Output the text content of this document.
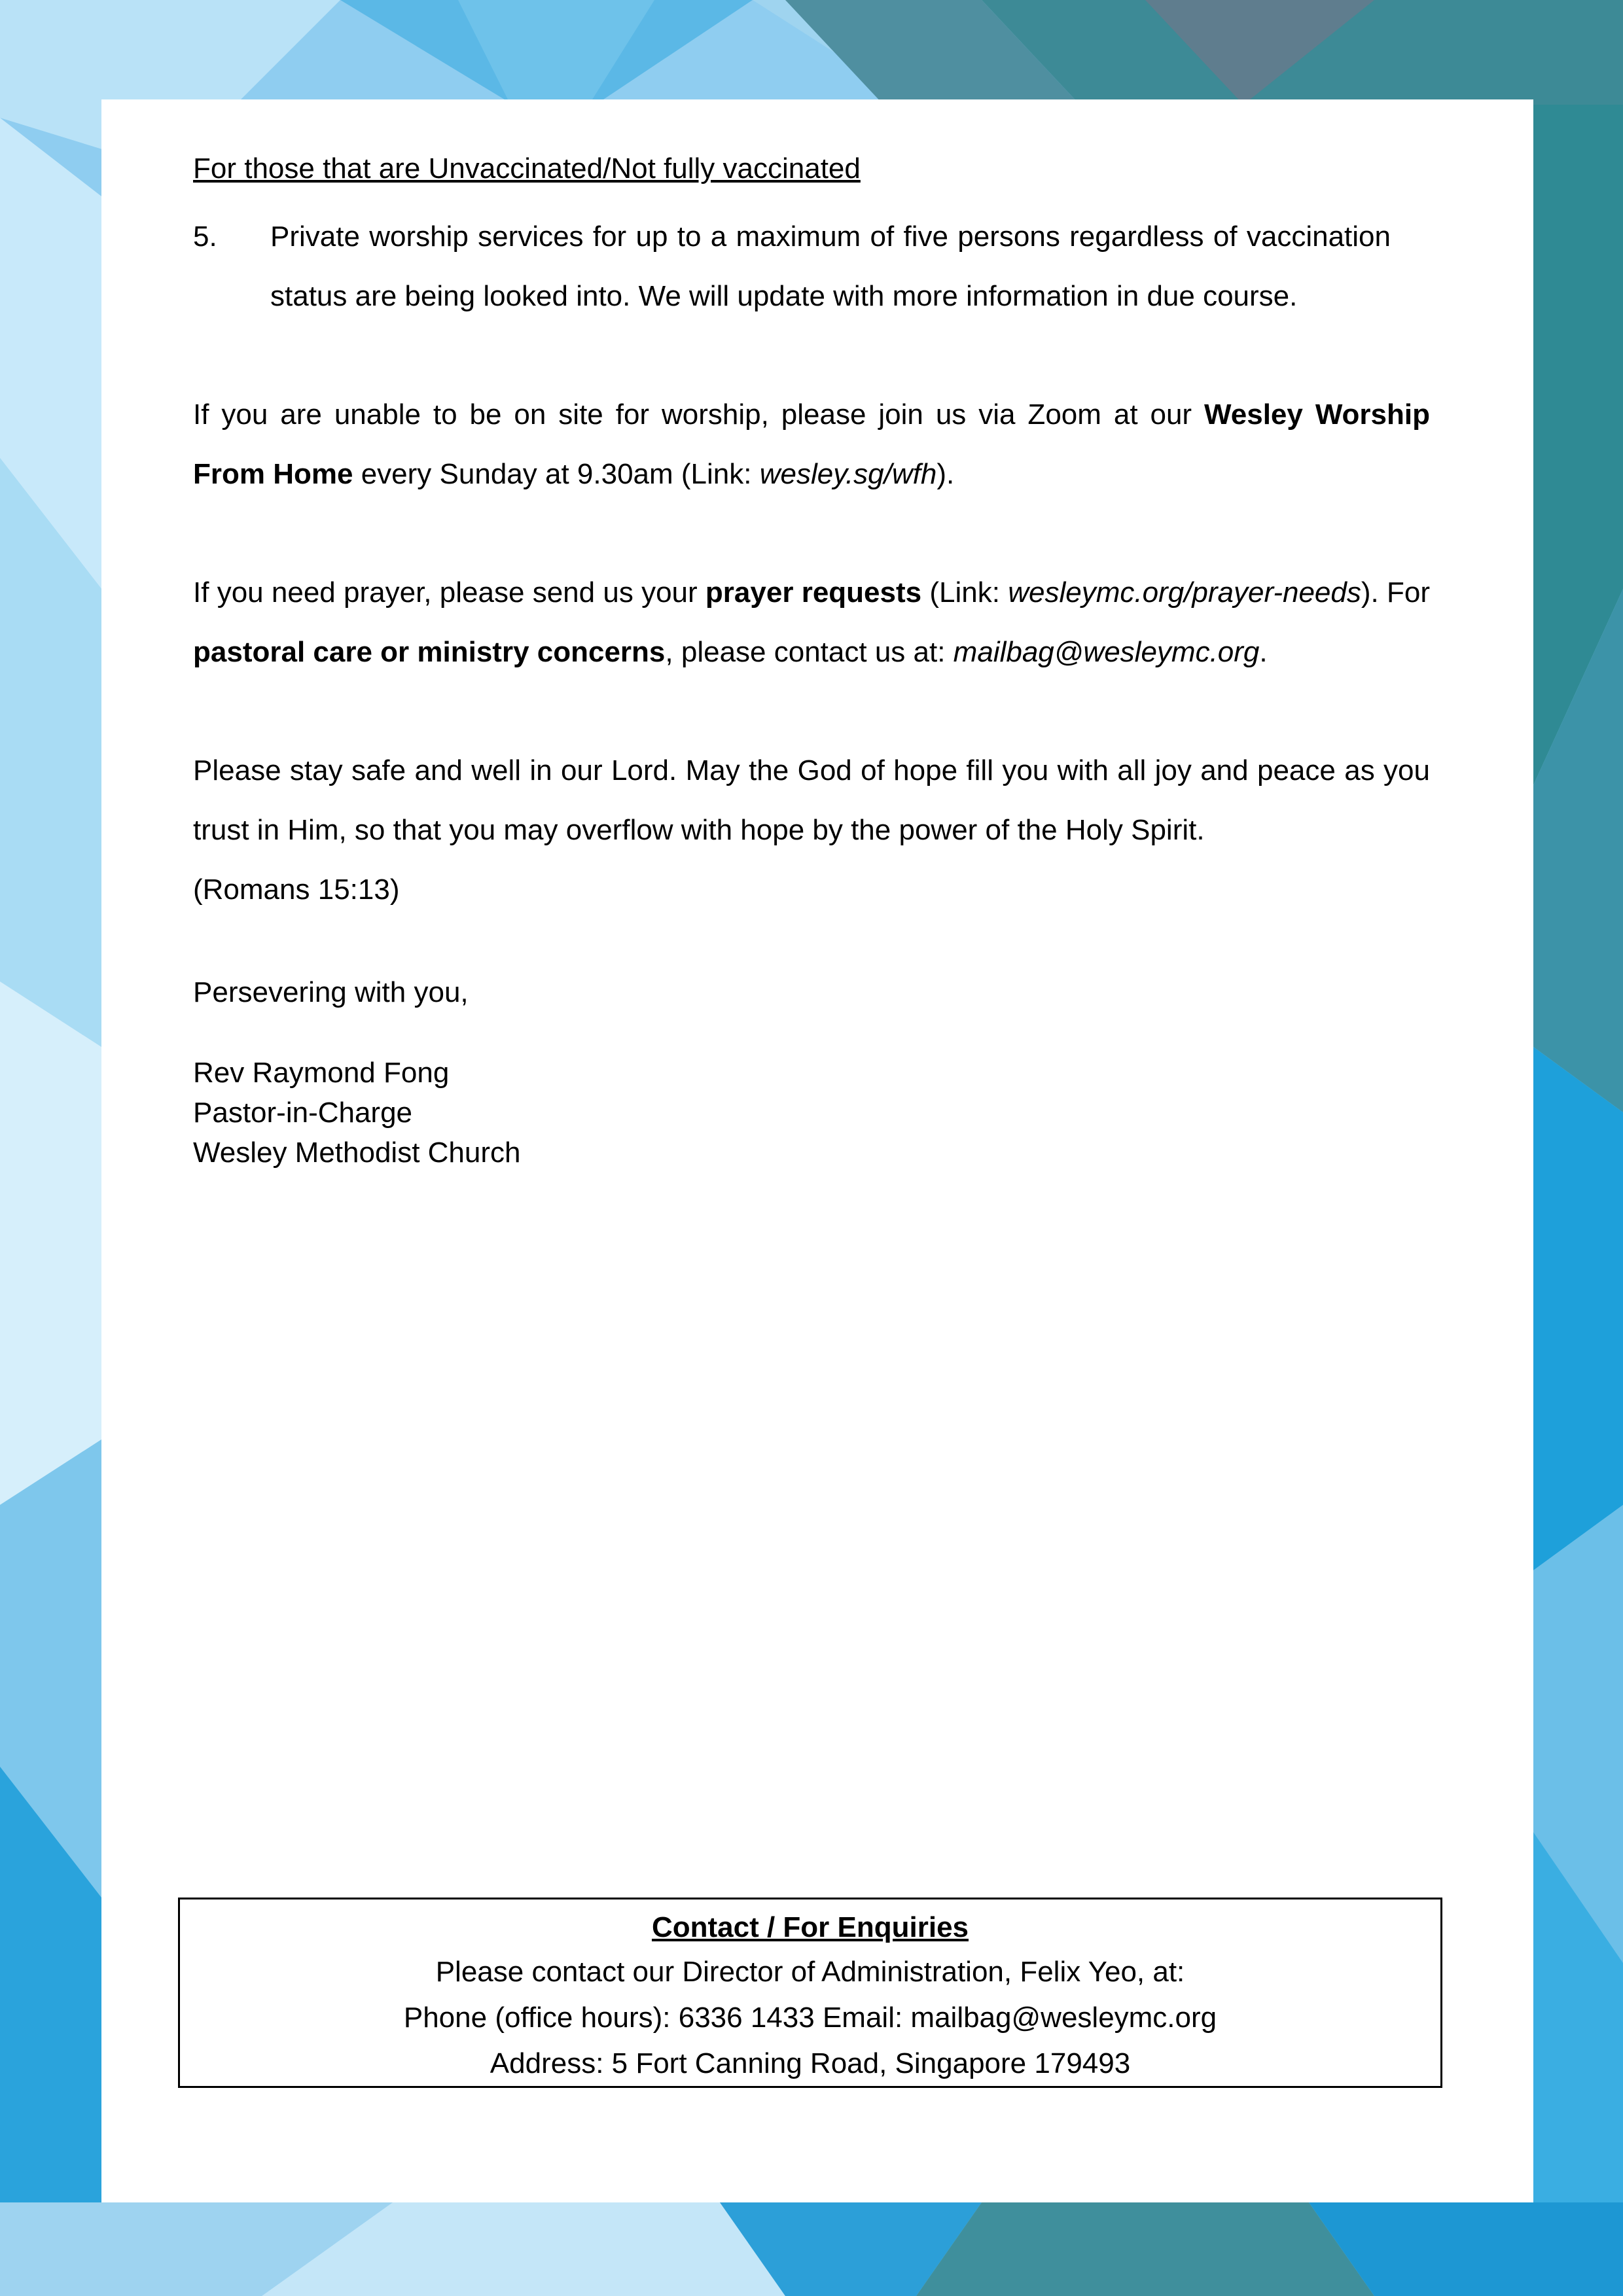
For those that are Unvaccinated/Not fully vaccinated

5.	Private worship services for up to a maximum of five persons regardless of vaccination status are being looked into. We will update with more information in due course.

If you are unable to be on site for worship, please join us via Zoom at our Wesley Worship From Home every Sunday at 9.30am (Link: wesley.sg/wfh).

If you need prayer, please send us your prayer requests (Link: wesleymc.org/prayer-needs). For pastoral care or ministry concerns, please contact us at: mailbag@wesleymc.org.

Please stay safe and well in our Lord. May the God of hope fill you with all joy and peace as you trust in Him, so that you may overflow with hope by the power of the Holy Spirit.
(Romans 15:13)

Persevering with you,

Rev Raymond Fong
Pastor-in-Charge
Wesley Methodist Church
Contact / For Enquiries
Please contact our Director of Administration, Felix Yeo, at:
Phone (office hours): 6336 1433 Email: mailbag@wesleymc.org
Address: 5 Fort Canning Road, Singapore 179493
